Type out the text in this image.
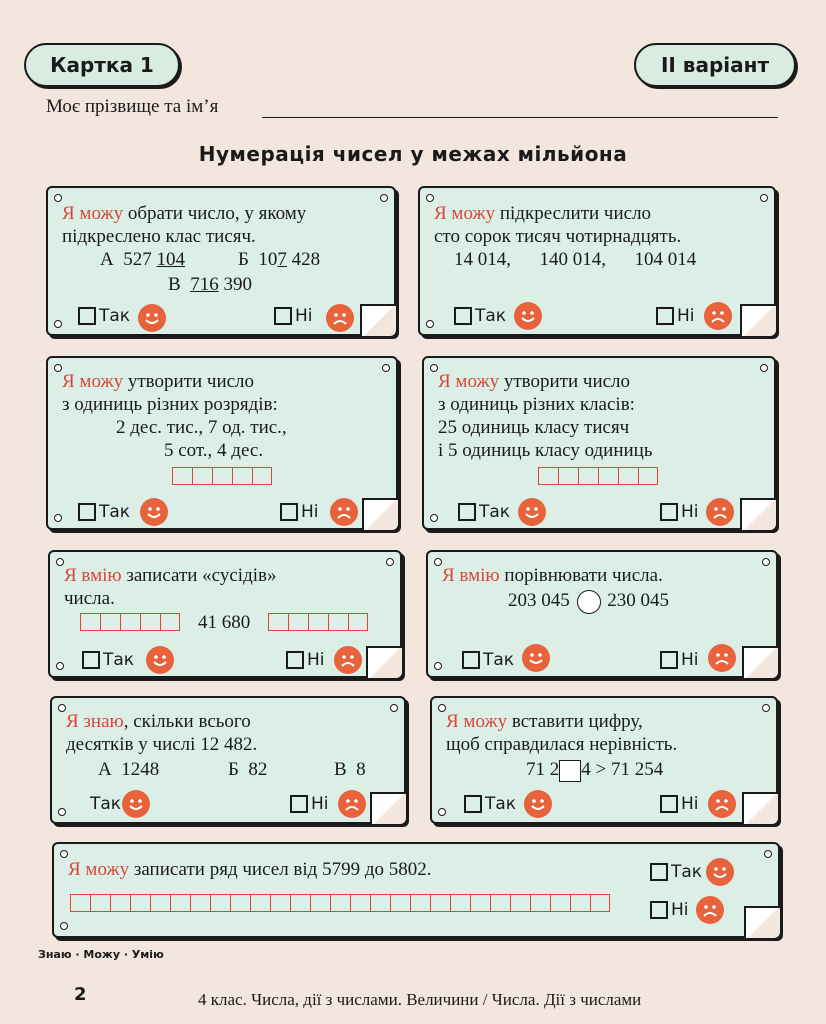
Картка 1	ІІ варіант
Моє прізвище та ім’я
Нумерація чисел у межах мільйона
Я можу обрати число, у якому
підкреслено клас тисяч.
А 527 104	Б 107 428
В 716 390
Так	Ні
Я можу підкреслити число
сто сорок тисяч чотирнадцять.
14 014,      140 014,      104 014
Так	Ні
Я можу утворити число
з одиниць різних розрядів:
2 дес. тис., 7 од. тис.,
5 сот., 4 дес.
Так	Ні
Я можу утворити число
з одиниць різних класів:
25 одиниць класу тисяч
і 5 одиниць класу одиниць
Так	Ні
Я вмію записати «сусідів»
числа.
41 680
Так	Ні
Я вмію порівнювати числа.
203 045 230 045
Так	Ні
Я знаю, скільки всього
десятків у числі 12 482.
А  1248	Б  82	В  8
Так	Ні
Я можу вставити цифру,
щоб справдилася нерівність.
71 2 4 > 71 254
Так	Ні
Я можу записати ряд чисел від 5799 до 5802.	Так
Ні
Знаю · Можу · Умію
2	4 клас. Числа, дії з числами. Величини / Числа. Дії з числами
